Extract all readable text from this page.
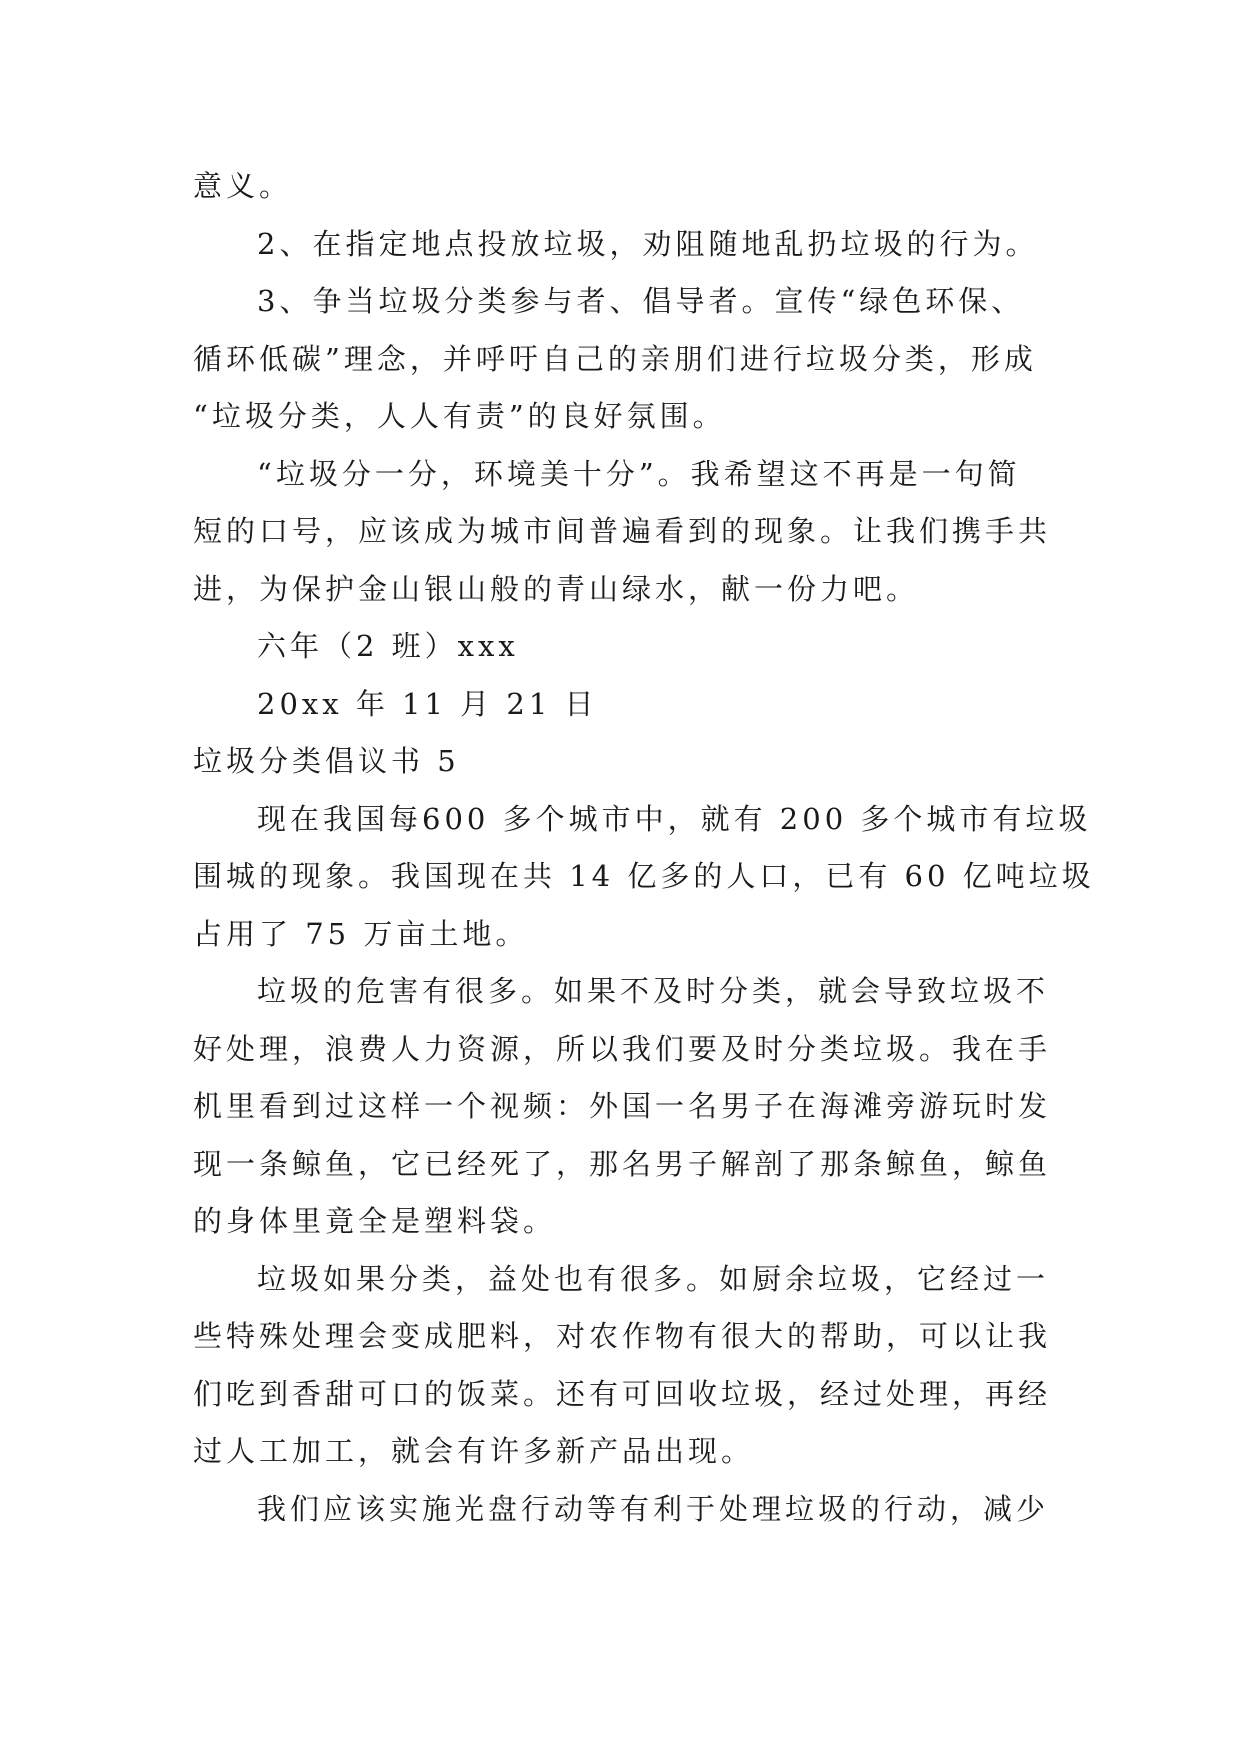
意义。

2、在指定地点投放垃圾，劝阻随地乱扔垃圾的行为。

3、争当垃圾分类参与者、倡导者。宣传“绿色环保、
循环低碳”理念，并呼吁自己的亲朋们进行垃圾分类，形成
“垃圾分类，人人有责”的良好氛围。

“垃圾分一分，环境美十分”。我希望这不再是一句简
短的口号，应该成为城市间普遍看到的现象。让我们携手共
进，为保护金山银山般的青山绿水，献一份力吧。

六年（2 班）xxx

20xx 年 11 月 21 日

垃圾分类倡议书 5

现在我国每600 多个城市中，就有 200 多个城市有垃圾
围城的现象。我国现在共 14 亿多的人口，已有 60 亿吨垃圾
占用了 75 万亩土地。

垃圾的危害有很多。如果不及时分类，就会导致垃圾不
好处理，浪费人力资源，所以我们要及时分类垃圾。我在手
机里看到过这样一个视频：外国一名男子在海滩旁游玩时发
现一条鲸鱼，它已经死了，那名男子解剖了那条鲸鱼，鲸鱼
的身体里竟全是塑料袋。

垃圾如果分类，益处也有很多。如厨余垃圾，它经过一
些特殊处理会变成肥料，对农作物有很大的帮助，可以让我
们吃到香甜可口的饭菜。还有可回收垃圾，经过处理，再经
过人工加工，就会有许多新产品出现。

我们应该实施光盘行动等有利于处理垃圾的行动，减少
